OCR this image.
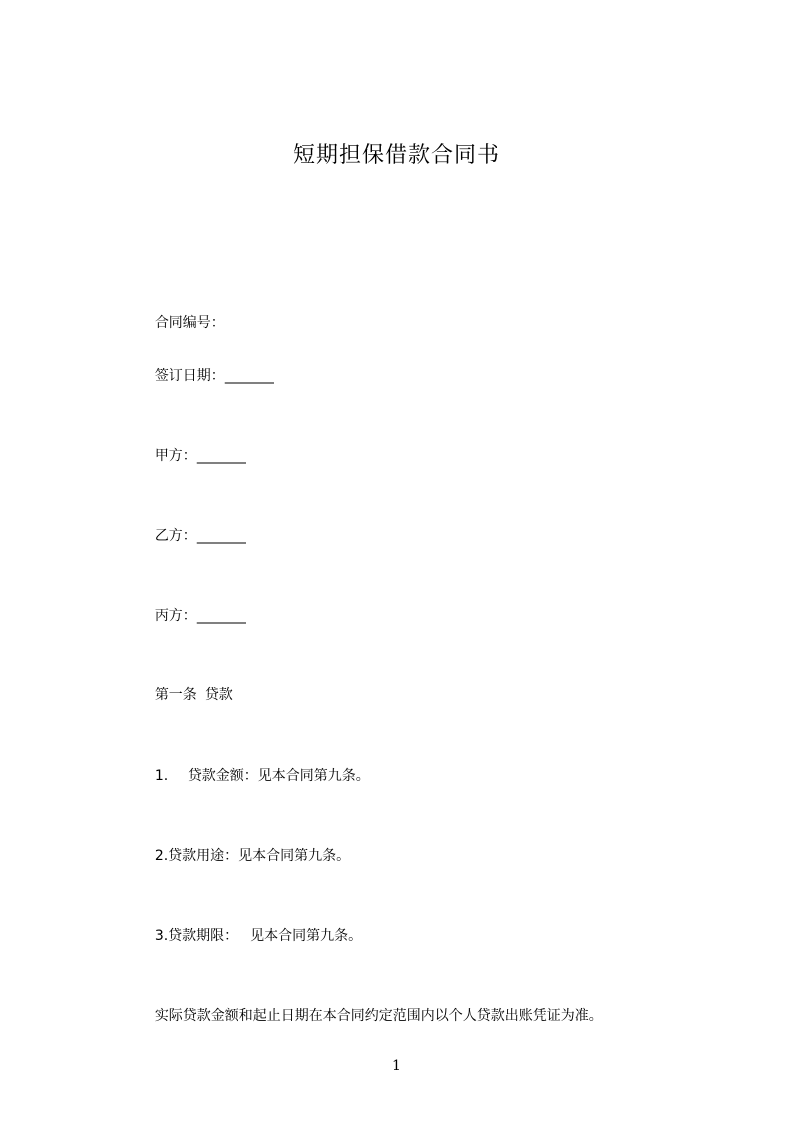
短期担保借款合同书

合同编号：

签订日期：_______

甲方：_______

乙方：_______

丙方：_______

第一条 贷款

1. 贷款金额：见本合同第九条。

2.贷款用途：见本合同第九条。

3.贷款期限： 见本合同第九条。

实际贷款金额和起止日期在本合同约定范围内以个人贷款出账凭证为准。

1
